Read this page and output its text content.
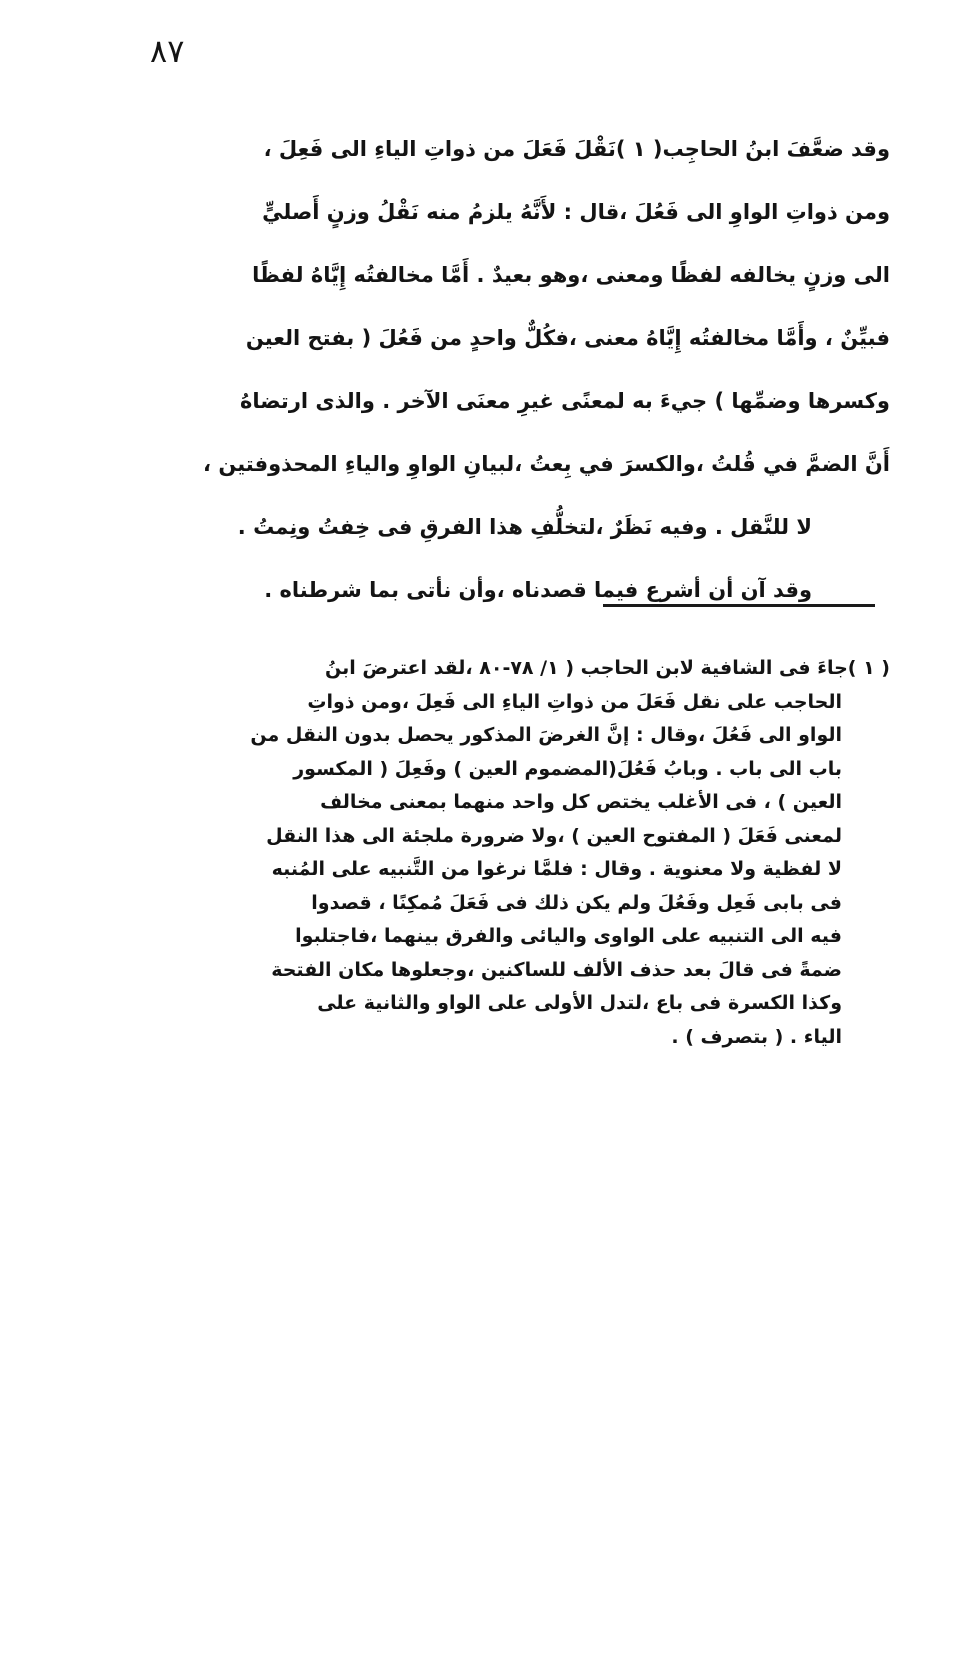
٨٧
وقد ضعَّفَ ابنُ الحاجِب( ١ )نَقْلَ فَعَلَ من ذواتِ الياءِ الى فَعِلَ ،
ومن ذواتِ الواوِ الى فَعُلَ ،قال : لأَنَّهُ يلزمُ منه نَقْلُ وزنٍ أَصليٍّ
الى وزنٍ يخالفه لفظًا ومعنى ،وهو بعيدٌ . أَمَّا مخالفتُه إِيَّاهُ لفظًا
فبيِّنٌ ، وأَمَّا مخالفتُه إِيَّاهُ معنى ،فكُلٌّ واحدٍ من فَعُلَ ( بفتح العين
وكسرها وضمِّها ) جيءَ به لمعنًى غيرِ معنَى الآخر . والذى ارتضاهُ
أَنَّ الضمَّ في قُلتُ ،والكسرَ في بِعتُ ،لبيانِ الواوِ والياءِ المحذوفتين ،
لا للنَّقل . وفيه نَظَرٌ ،لتخلُّفِ هذا الفرقِ فى خِفتُ ونِمتُ .
وقد آن أن أشرع فيما قصدناه ،وأن نأتى بما شرطناه .
( ١ )جاءَ فى الشافية لابن الحاجب ( ١/ ٧٨-٨٠ ،لقد اعترضَ ابنُ
الحاجب على نقل فَعَلَ من ذواتِ الياءِ الى فَعِلَ ،ومن ذواتِ
الواو الى فَعُلَ ،وقال : إنَّ الغرضَ المذكور يحصل بدون النقل من
باب الى باب . وبابُ فَعُلَ(المضموم العين ) وفَعِلَ ( المكسور
العين ) ، فى الأغلب يختص كل واحد منهما بمعنى مخالف
لمعنى فَعَلَ ( المفتوح العين ) ،ولا ضرورة ملجئة الى هذا النقل
لا لفظية ولا معنوية . وقال : فلمَّا نرغوا من التَّنبيه على المُنبه
فى بابى فَعِل وفَعُلَ ولم يكن ذلك فى فَعَلَ مُمكِنًا ، قصدوا
فيه الى التنبيه على الواوى واليائى والفرق بينهما ،فاجتلبوا
ضمةً فى قالَ بعد حذف الألف للساكنين ،وجعلوها مكان الفتحة
وكذا الكسرة فى باع ،لتدل الأولى على الواو والثانية على
الياء . ( بتصرف ) .
